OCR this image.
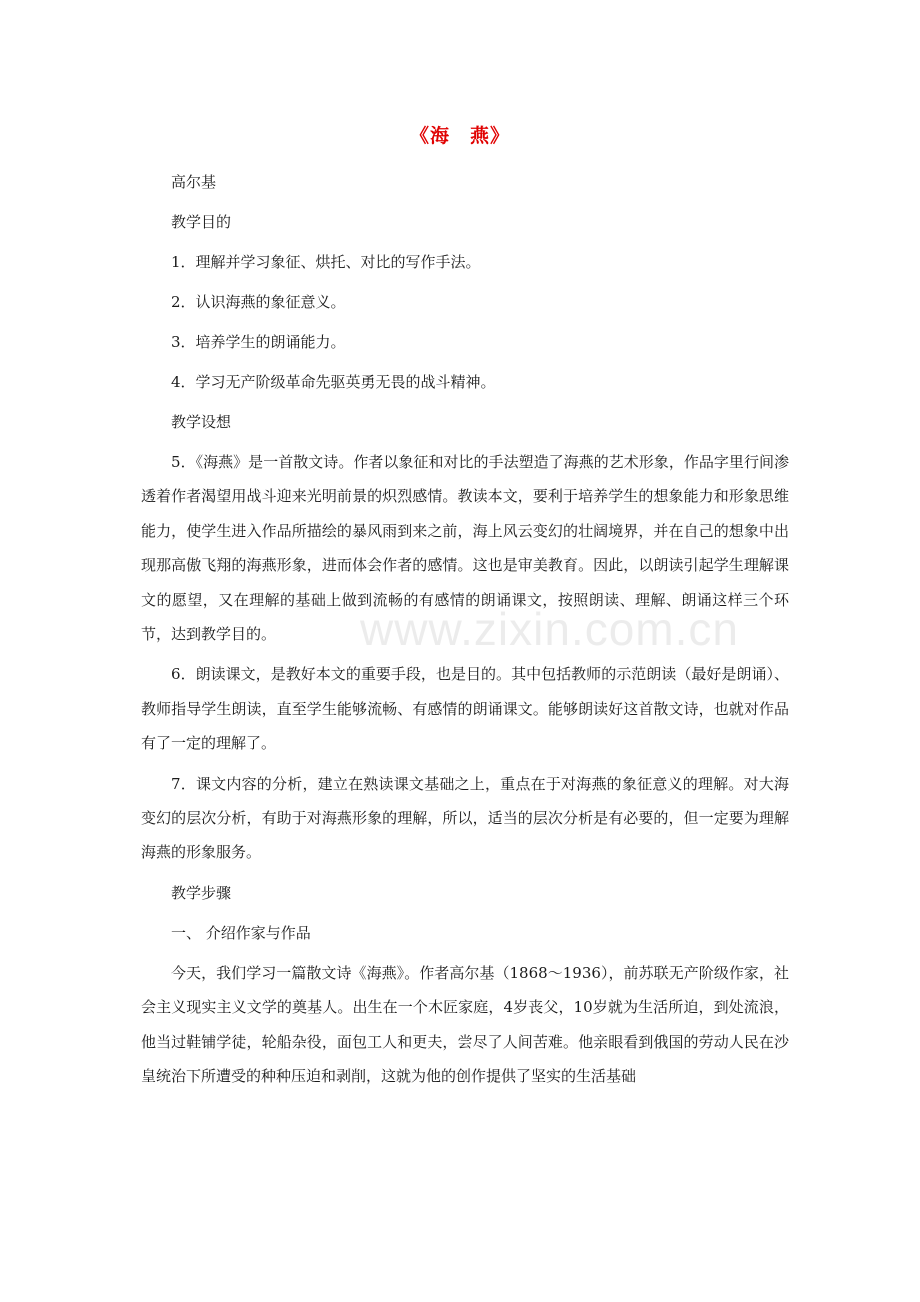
《海　燕》

高尔基

教学目的

1．理解并学习象征、烘托、对比的写作手法。

2．认识海燕的象征意义。

3．培养学生的朗诵能力。

4．学习无产阶级革命先驱英勇无畏的战斗精神。

教学设想

5．《海燕》是一首散文诗。作者以象征和对比的手法塑造了海燕的艺术形象，作品字里行间渗透着作者渴望用战斗迎来光明前景的炽烈感情。教读本文，要利于培养学生的想象能力和形象思维能力，使学生进入作品所描绘的暴风雨到来之前，海上风云变幻的壮阔境界，并在自己的想象中出现那高傲飞翔的海燕形象，进而体会作者的感情。这也是审美教育。因此，以朗读引起学生理解课文的愿望，又在理解的基础上做到流畅的有感情的朗诵课文，按照朗读、理解、朗诵这样三个环节，达到教学目的。

6．朗读课文，是教好本文的重要手段，也是目的。其中包括教师的示范朗读（最好是朗诵）、教师指导学生朗读，直至学生能够流畅、有感情的朗诵课文。能够朗读好这首散文诗，也就对作品有了一定的理解了。

7．课文内容的分析，建立在熟读课文基础之上，重点在于对海燕的象征意义的理解。对大海变幻的层次分析，有助于对海燕形象的理解，所以，适当的层次分析是有必要的，但一定要为理解海燕的形象服务。

教学步骤

一、 介绍作家与作品

今天，我们学习一篇散文诗《海燕》。作者高尔基（1868～1936），前苏联无产阶级作家，社会主义现实主义文学的奠基人。出生在一个木匠家庭，4岁丧父，10岁就为生活所迫，到处流浪，他当过鞋铺学徒，轮船杂役，面包工人和更夫，尝尽了人间苦难。他亲眼看到俄国的劳动人民在沙皇统治下所遭受的种种压迫和剥削，这就为他的创作提供了坚实的生活基础

www.zixin.com.cn
